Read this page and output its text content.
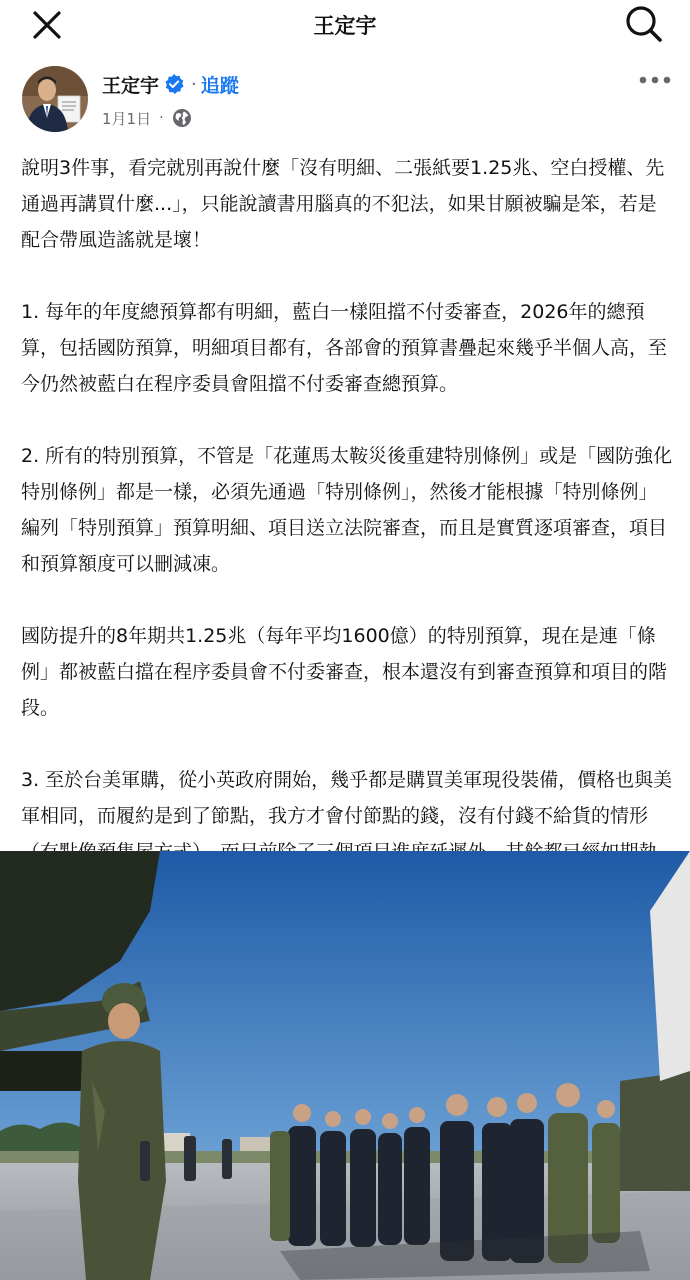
王定宇
王定宇 · 追蹤
1月1日 ·

說明3件事，看完就別再說什麼「沒有明細、二張紙要1.25兆、空白授權、先通過再講買什麼...」，只能說讀書用腦真的不犯法，如果甘願被騙是笨，若是配合帶風造謠就是壞！

1. 每年的年度總預算都有明細，藍白一樣阻擋不付委審查，2026年的總預算，包括國防預算，明細項目都有，各部會的預算書疊起來幾乎半個人高，至今仍然被藍白在程序委員會阻擋不付委審查總預算。

2. 所有的特別預算，不管是「花蓮馬太鞍災後重建特別條例」或是「國防強化特別條例」都是一樣，必須先通過「特別條例」，然後才能根據「特別條例」編列「特別預算」預算明細、項目送立法院審查，而且是實質逐項審查，項目和預算額度可以刪減凍。

國防提升的8年期共1.25兆（每年平均1600億）的特別預算，現在是連「條例」都被藍白擋在程序委員會不付委審查，根本還沒有到審查預算和項目的階段。

3. 至於台美軍購，從小英政府開始，幾乎都是購買美軍現役裝備，價格也與美軍相同，而履約是到了節點，我方才會付節點的錢，沒有付錢不給貨的情形
